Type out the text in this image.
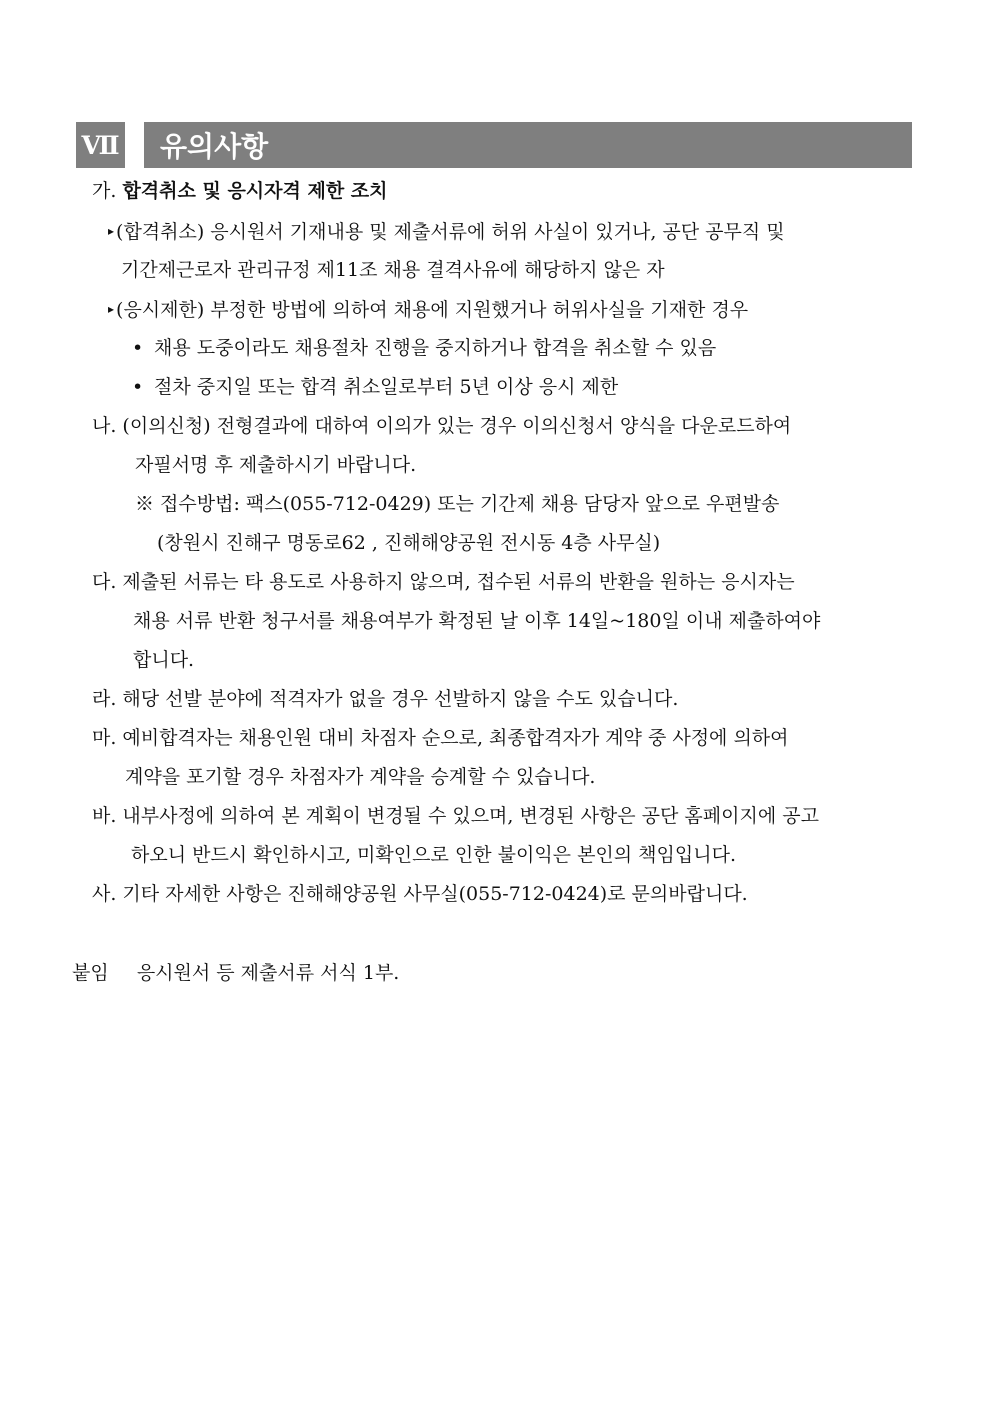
Ⅶ	유의사항
가. 합격취소 및 응시자격 제한 조치
▸ (합격취소) 응시원서 기재내용 및 제출서류에 허위 사실이 있거나, 공단 공무직 및
기간제근로자 관리규정 제11조 채용 결격사유에 해당하지 않은 자
▸ (응시제한) 부정한 방법에 의하여 채용에 지원했거나 허위사실을 기재한 경우
• 채용 도중이라도 채용절차 진행을 중지하거나 합격을 취소할 수 있음
• 절차 중지일 또는 합격 취소일로부터 5년 이상 응시 제한
나. (이의신청) 전형결과에 대하여 이의가 있는 경우 이의신청서 양식을 다운로드하여
자필서명 후 제출하시기 바랍니다.
※ 접수방법: 팩스(055-712-0429) 또는 기간제 채용 담당자 앞으로 우편발송
(창원시 진해구 명동로62 , 진해해양공원 전시동 4층 사무실)
다. 제출된 서류는 타 용도로 사용하지 않으며, 접수된 서류의 반환을 원하는 응시자는
채용 서류 반환 청구서를 채용여부가 확정된 날 이후 14일~180일 이내 제출하여야
합니다.
라. 해당 선발 분야에 적격자가 없을 경우 선발하지 않을 수도 있습니다.
마. 예비합격자는 채용인원 대비 차점자 순으로, 최종합격자가 계약 중 사정에 의하여
계약을 포기할 경우 차점자가 계약을 승계할 수 있습니다.
바. 내부사정에 의하여 본 계획이 변경될 수 있으며, 변경된 사항은 공단 홈페이지에 공고
하오니 반드시 확인하시고, 미확인으로 인한 불이익은 본인의 책임입니다.
사. 기타 자세한 사항은 진해해양공원 사무실(055-712-0424)로 문의바랍니다.
붙임 응시원서 등 제출서류 서식 1부.
